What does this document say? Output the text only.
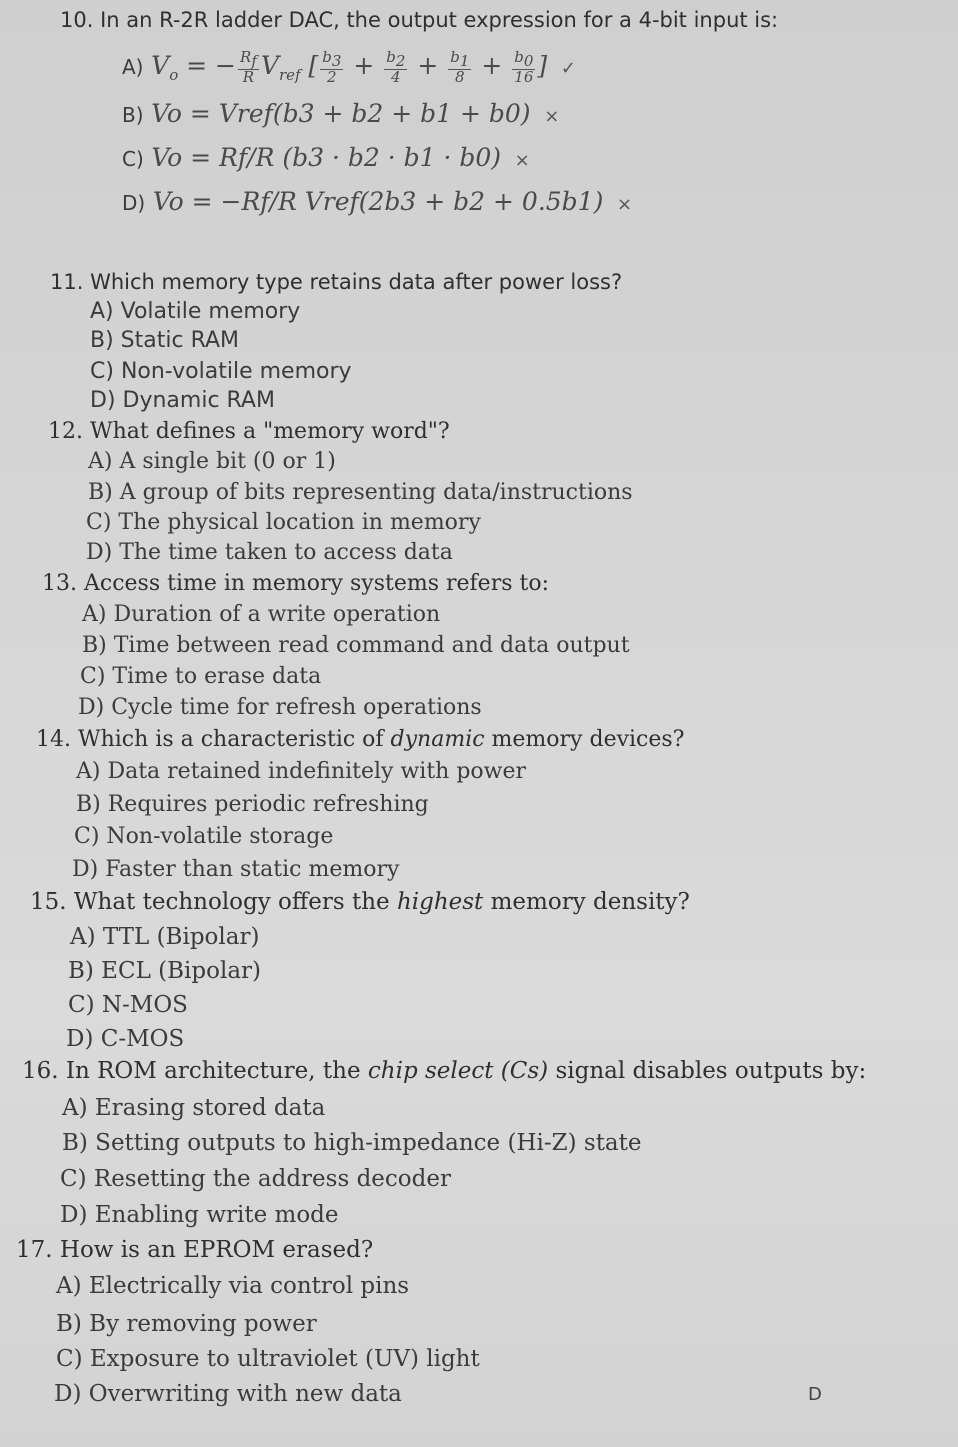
10. In an R-2R ladder DAC, the output expression for a 4-bit input is:
A) $V_o$ = − $\frac{R_f}{R} V_{ref}$ [ $\frac{b_3}{2} + \frac{b_2}{4} + \frac{b_1}{8} + \frac{b_0}{16}$ ] ✓
B) Vo = Vref(b3 + b2 + b1 + b0) ×
C) Vo = Rf/R (b3 · b2 · b1 · b0) ×
D) Vo = −Rf/R Vref(2b3 + b2 + 0.5b1) ×
11. Which memory type retains data after power loss?
A) Volatile memory
B) Static RAM
C) Non-volatile memory
D) Dynamic RAM
12. What defines a "memory word"?
A) A single bit (0 or 1)
B) A group of bits representing data/instructions
C) The physical location in memory
D) The time taken to access data
13. Access time in memory systems refers to:
A) Duration of a write operation
B) Time between read command and data output
C) Time to erase data
D) Cycle time for refresh operations
14. Which is a characteristic of dynamic memory devices?
A) Data retained indefinitely with power
B) Requires periodic refreshing
C) Non-volatile storage
D) Faster than static memory
15. What technology offers the highest memory density?
A) TTL (Bipolar)
B) ECL (Bipolar)
C) N-MOS
D) C-MOS
16. In ROM architecture, the chip select (Cs) signal disables outputs by:
A) Erasing stored data
B) Setting outputs to high-impedance (Hi-Z) state
C) Resetting the address decoder
D) Enabling write mode
17. How is an EPROM erased?
A) Electrically via control pins
B) By removing power
C) Exposure to ultraviolet (UV) light
D) Overwriting with new data	D
